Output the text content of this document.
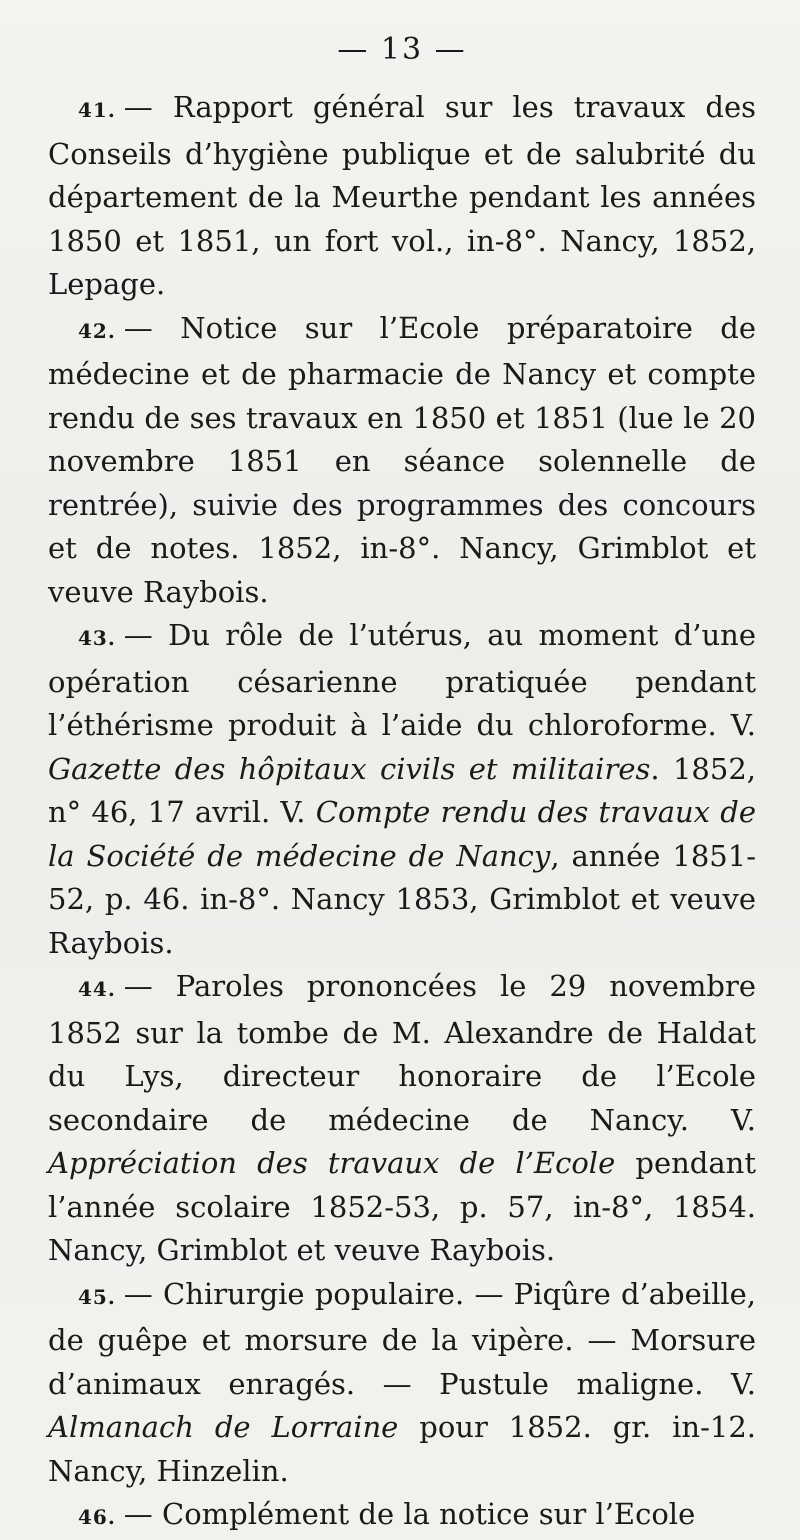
— 13 —

41. — Rapport général sur les travaux des Conseils d’hygiène publique et de salubrité du département de la Meurthe pendant les années 1850 et 1851, un fort vol., in-8°. Nancy, 1852, Lepage.

42. — Notice sur l’Ecole préparatoire de médecine et de pharmacie de Nancy et compte rendu de ses travaux en 1850 et 1851 (lue le 20 novembre 1851 en séance solennelle de rentrée), suivie des programmes des concours et de notes. 1852, in-8°. Nancy, Grimblot et veuve Raybois.

43. — Du rôle de l’utérus, au moment d’une opération césarienne pratiquée pendant l’éthérisme produit à l’aide du chloroforme. V. Gazette des hôpitaux civils et militaires. 1852, n° 46, 17 avril. V. Compte rendu des travaux de la Société de médecine de Nancy, année 1851-52, p. 46. in-8°. Nancy 1853, Grimblot et veuve Raybois.

44. — Paroles prononcées le 29 novembre 1852 sur la tombe de M. Alexandre de Haldat du Lys, directeur honoraire de l’Ecole secondaire de médecine de Nancy. V. Appréciation des travaux de l’Ecole pendant l’année scolaire 1852-53, p. 57, in-8°, 1854. Nancy, Grimblot et veuve Raybois.

45. — Chirurgie populaire. — Piqûre d’abeille, de guêpe et morsure de la vipère. — Morsure d’animaux enragés. — Pustule maligne. V. Almanach de Lorraine pour 1852. gr. in-12. Nancy, Hinzelin.

46. — Complément de la notice sur l’Ecole
